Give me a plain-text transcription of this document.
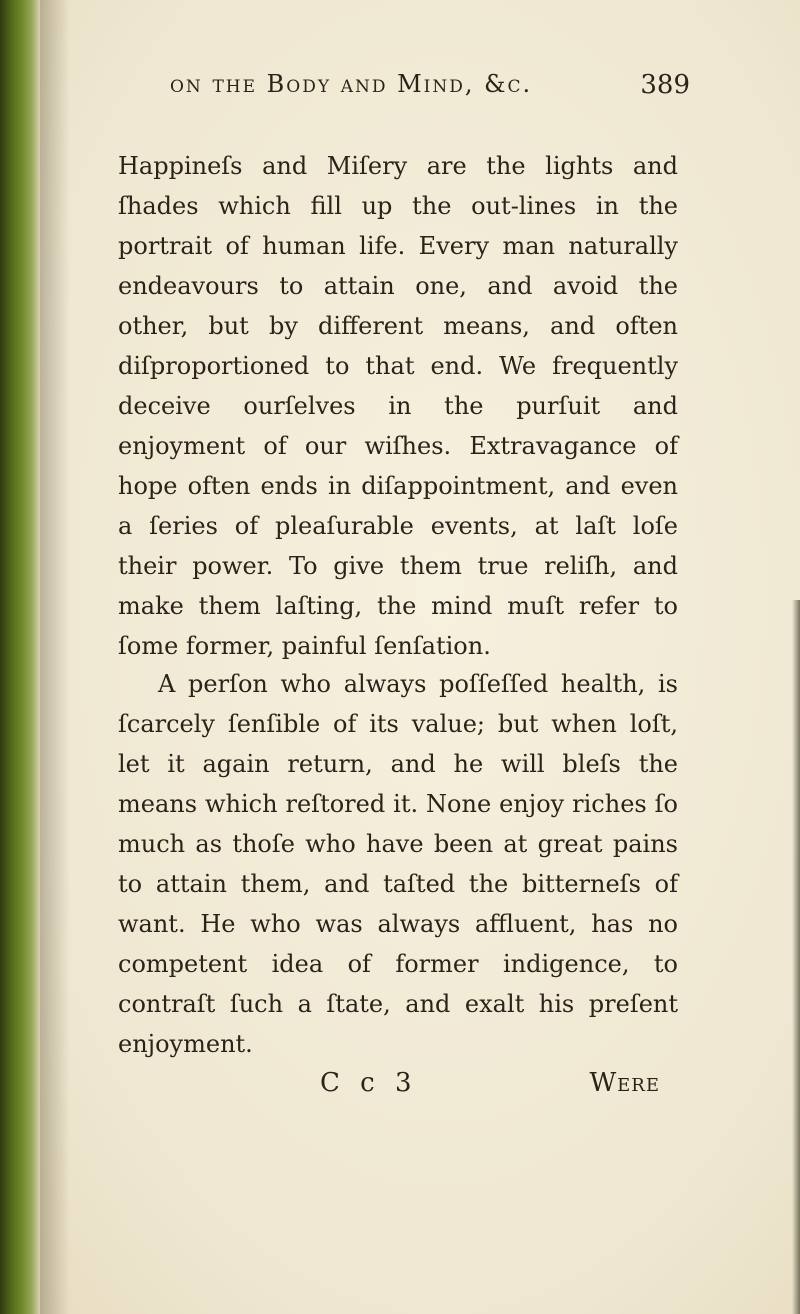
on the Body and Mind, &c.	389

Happineſs and Miſery are the lights and ſhades which fill up the out-lines in the portrait of human life. Every man naturally endeavours to attain one, and avoid the other, but by different means, and often diſproportioned to that end. We frequently deceive ourſelves in the purſuit and enjoyment of our wiſhes. Extravagance of hope often ends in diſappointment, and even a ſeries of pleaſurable events, at laſt loſe their power. To give them true reliſh, and make them laſting, the mind muſt refer to ſome former, painful ſenſation.

A perſon who always poſſeſſed health, is ſcarcely ſenſible of its value; but when loſt, let it again return, and he will bleſs the means which reſtored it. None enjoy riches ſo much as thoſe who have been at great pains to attain them, and taſted the bitterneſs of want. He who was always affluent, has no competent idea of former indigence, to contraſt ſuch a ſtate, and exalt his preſent enjoyment.

C c 3	Were
